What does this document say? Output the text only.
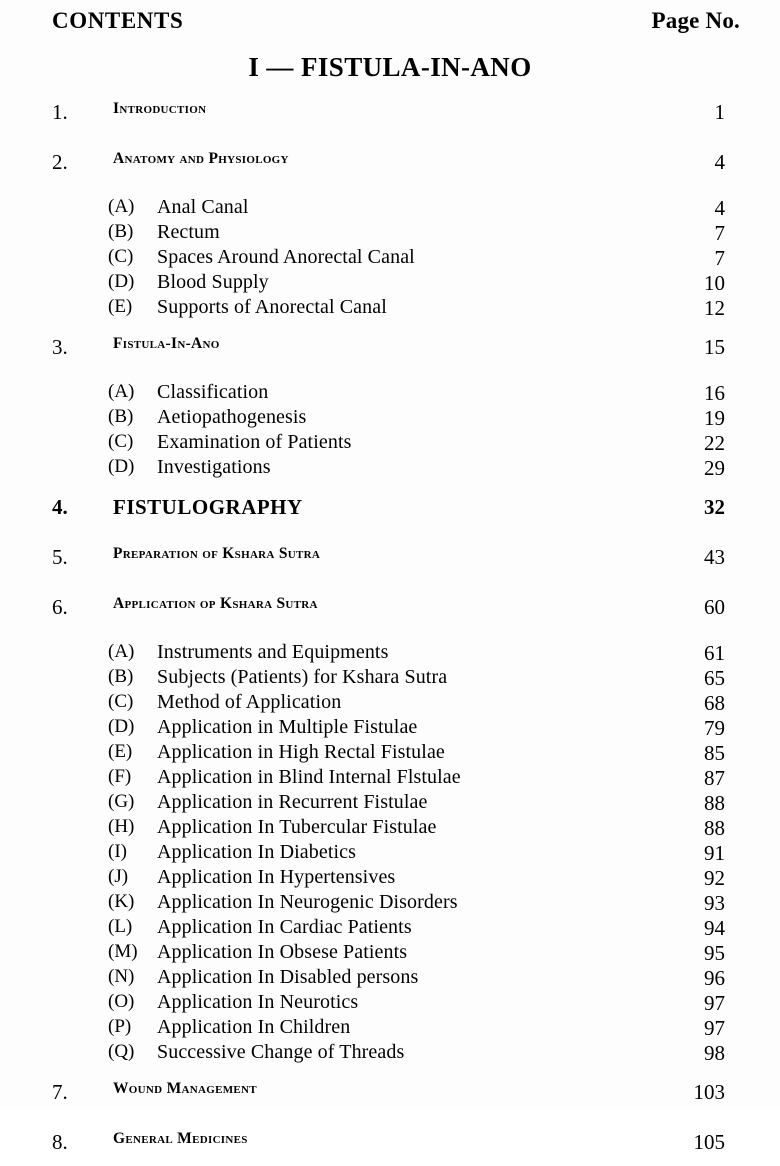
CONTENTS	Page No.
I — FISTULA-IN-ANO
1.	Introduction	1
2.	Anatomy and Physiology	4
(A)	Anal Canal	4
(B)	Rectum	7
(C)	Spaces Around Anorectal Canal	7
(D)	Blood Supply	10
(E)	Supports of Anorectal Canal	12
3.	Fistula-In-Ano	15
(A)	Classification	16
(B)	Aetiopathogenesis	19
(C)	Examination of Patients	22
(D)	Investigations	29
4.	FISTULOGRAPHY	32
5.	Preparation of Kshara Sutra	43
6.	Application op Kshara Sutra	60
(A)	Instruments and Equipments	61
(B)	Subjects (Patients) for Kshara Sutra	65
(C)	Method of Application	68
(D)	Application in Multiple Fistulae	79
(E)	Application in High Rectal Fistulae	85
(F)	Application in Blind Internal Flstulae	87
(G)	Application in Recurrent Fistulae	88
(H)	Application In Tubercular Fistulae	88
(I)	Application In Diabetics	91
(J)	Application In Hypertensives	92
(K)	Application In Neurogenic Disorders	93
(L)	Application In Cardiac Patients	94
(M) Application In Obsese Patients	95
(N)	Application In Disabled persons	96
(O)	Application In Neurotics	97
(P)	Application In Children	97
(Q)	Successive Change of Threads	98
7.	Wound Management	103
8.	General Medicines	105
